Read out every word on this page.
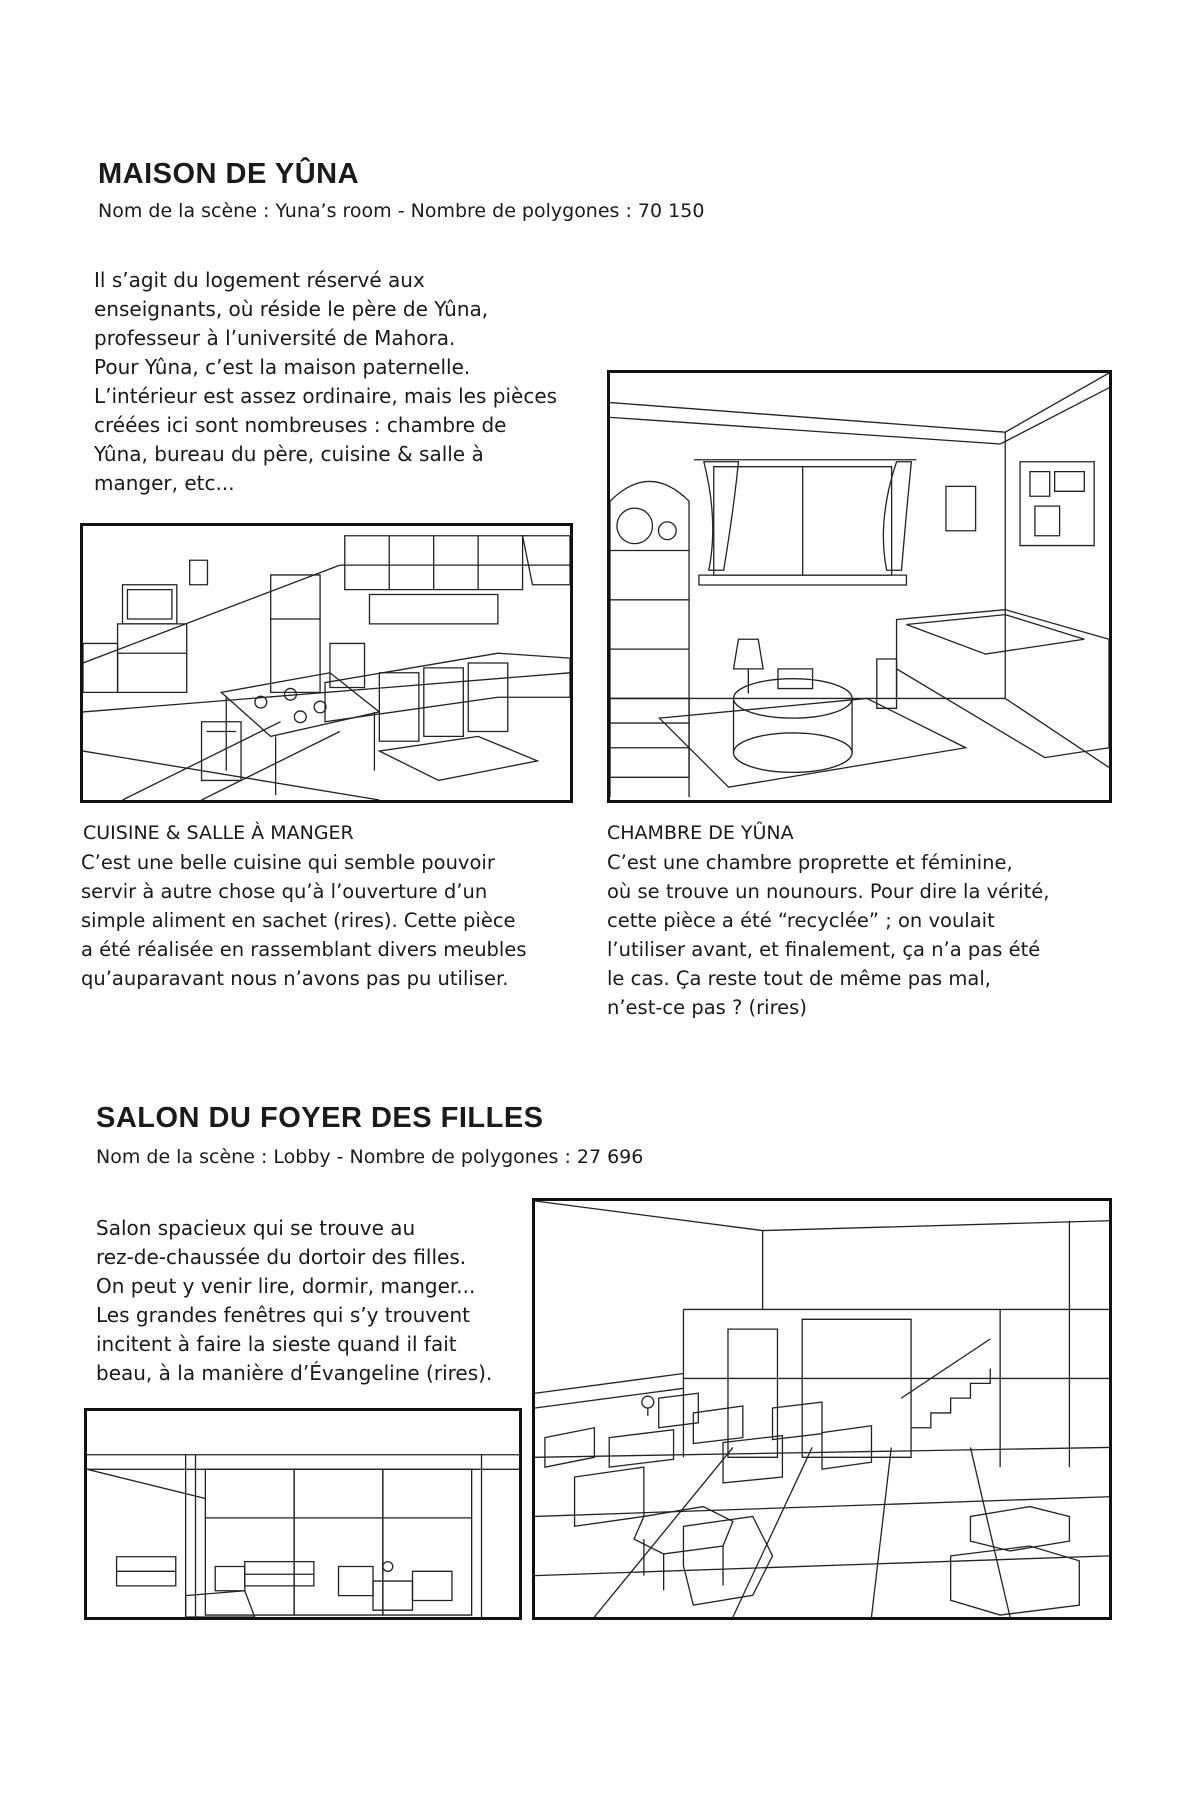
MAISON DE YÛNA
Nom de la scène : Yuna’s room - Nombre de polygones : 70 150
Il s’agit du logement réservé aux
enseignants, où réside le père de Yûna,
professeur à l’université de Mahora.
Pour Yûna, c’est la maison paternelle.
L’intérieur est assez ordinaire, mais les pièces
créées ici sont nombreuses : chambre de
Yûna, bureau du père, cuisine & salle à
manger, etc...
CUISINE & SALLE À MANGER
C’est une belle cuisine qui semble pouvoir
servir à autre chose qu’à l’ouverture d’un
simple aliment en sachet (rires). Cette pièce
a été réalisée en rassemblant divers meubles
qu’auparavant nous n’avons pas pu utiliser.
CHAMBRE DE YÛNA
C’est une chambre proprette et féminine,
où se trouve un nounours. Pour dire la vérité,
cette pièce a été “recyclée” ; on voulait
l’utiliser avant, et finalement, ça n’a pas été
le cas. Ça reste tout de même pas mal,
n’est-ce pas ? (rires)
SALON DU FOYER DES FILLES
Nom de la scène : Lobby - Nombre de polygones : 27 696
Salon spacieux qui se trouve au
rez-de-chaussée du dortoir des filles.
On peut y venir lire, dormir, manger...
Les grandes fenêtres qui s’y trouvent
incitent à faire la sieste quand il fait
beau, à la manière d’Évangeline (rires).
